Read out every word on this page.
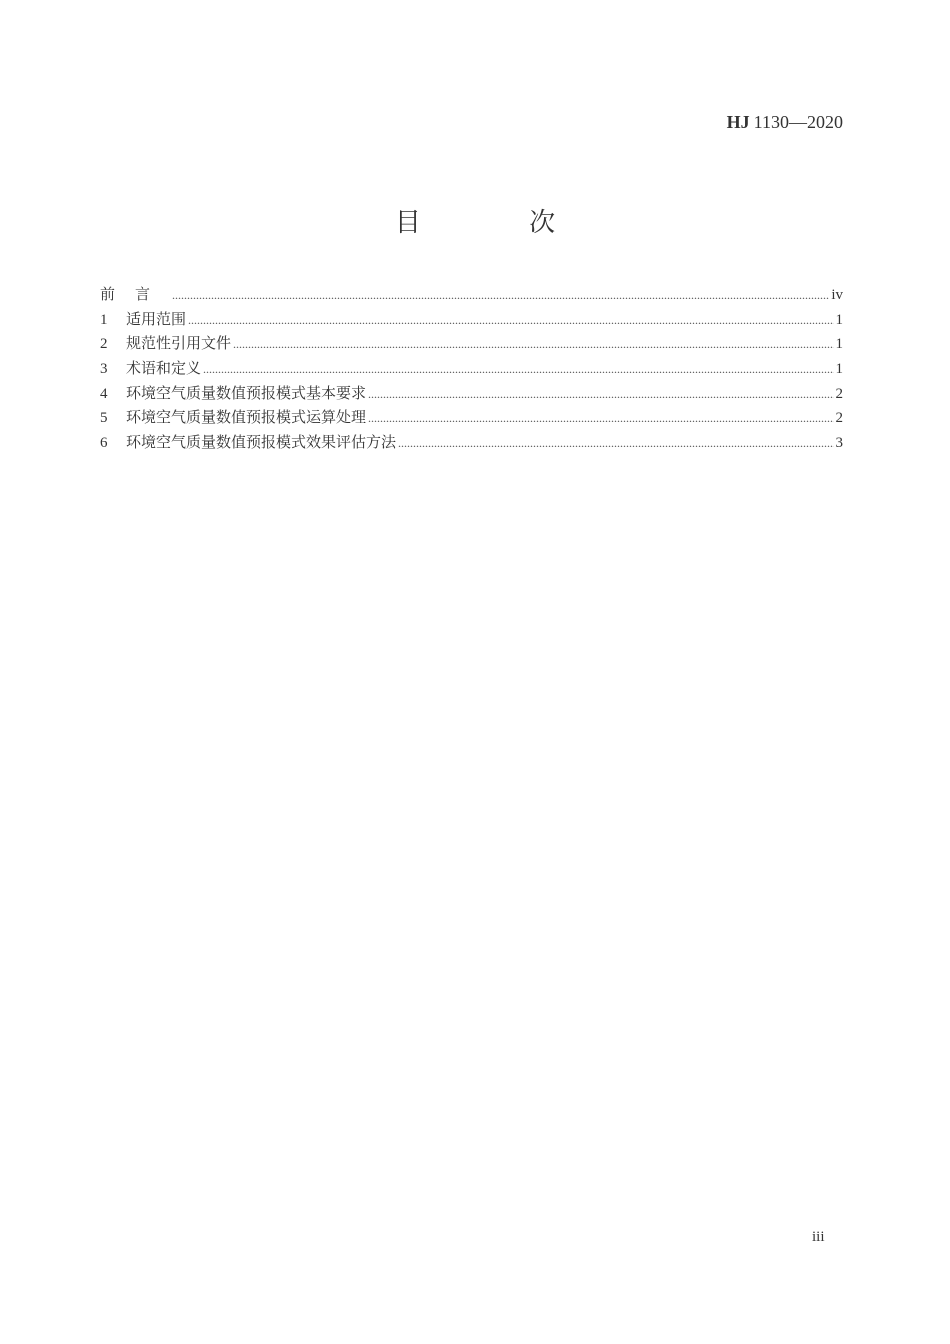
HJ 1130—2020
目 次
前言 .....	iv
1	适用范围 .....	1
2	规范性引用文件 .....	1
3	术语和定义 .....	1
4	环境空气质量数值预报模式基本要求 .....	2
5	环境空气质量数值预报模式运算处理 .....	2
6	环境空气质量数值预报模式效果评估方法 .....	3
iii
